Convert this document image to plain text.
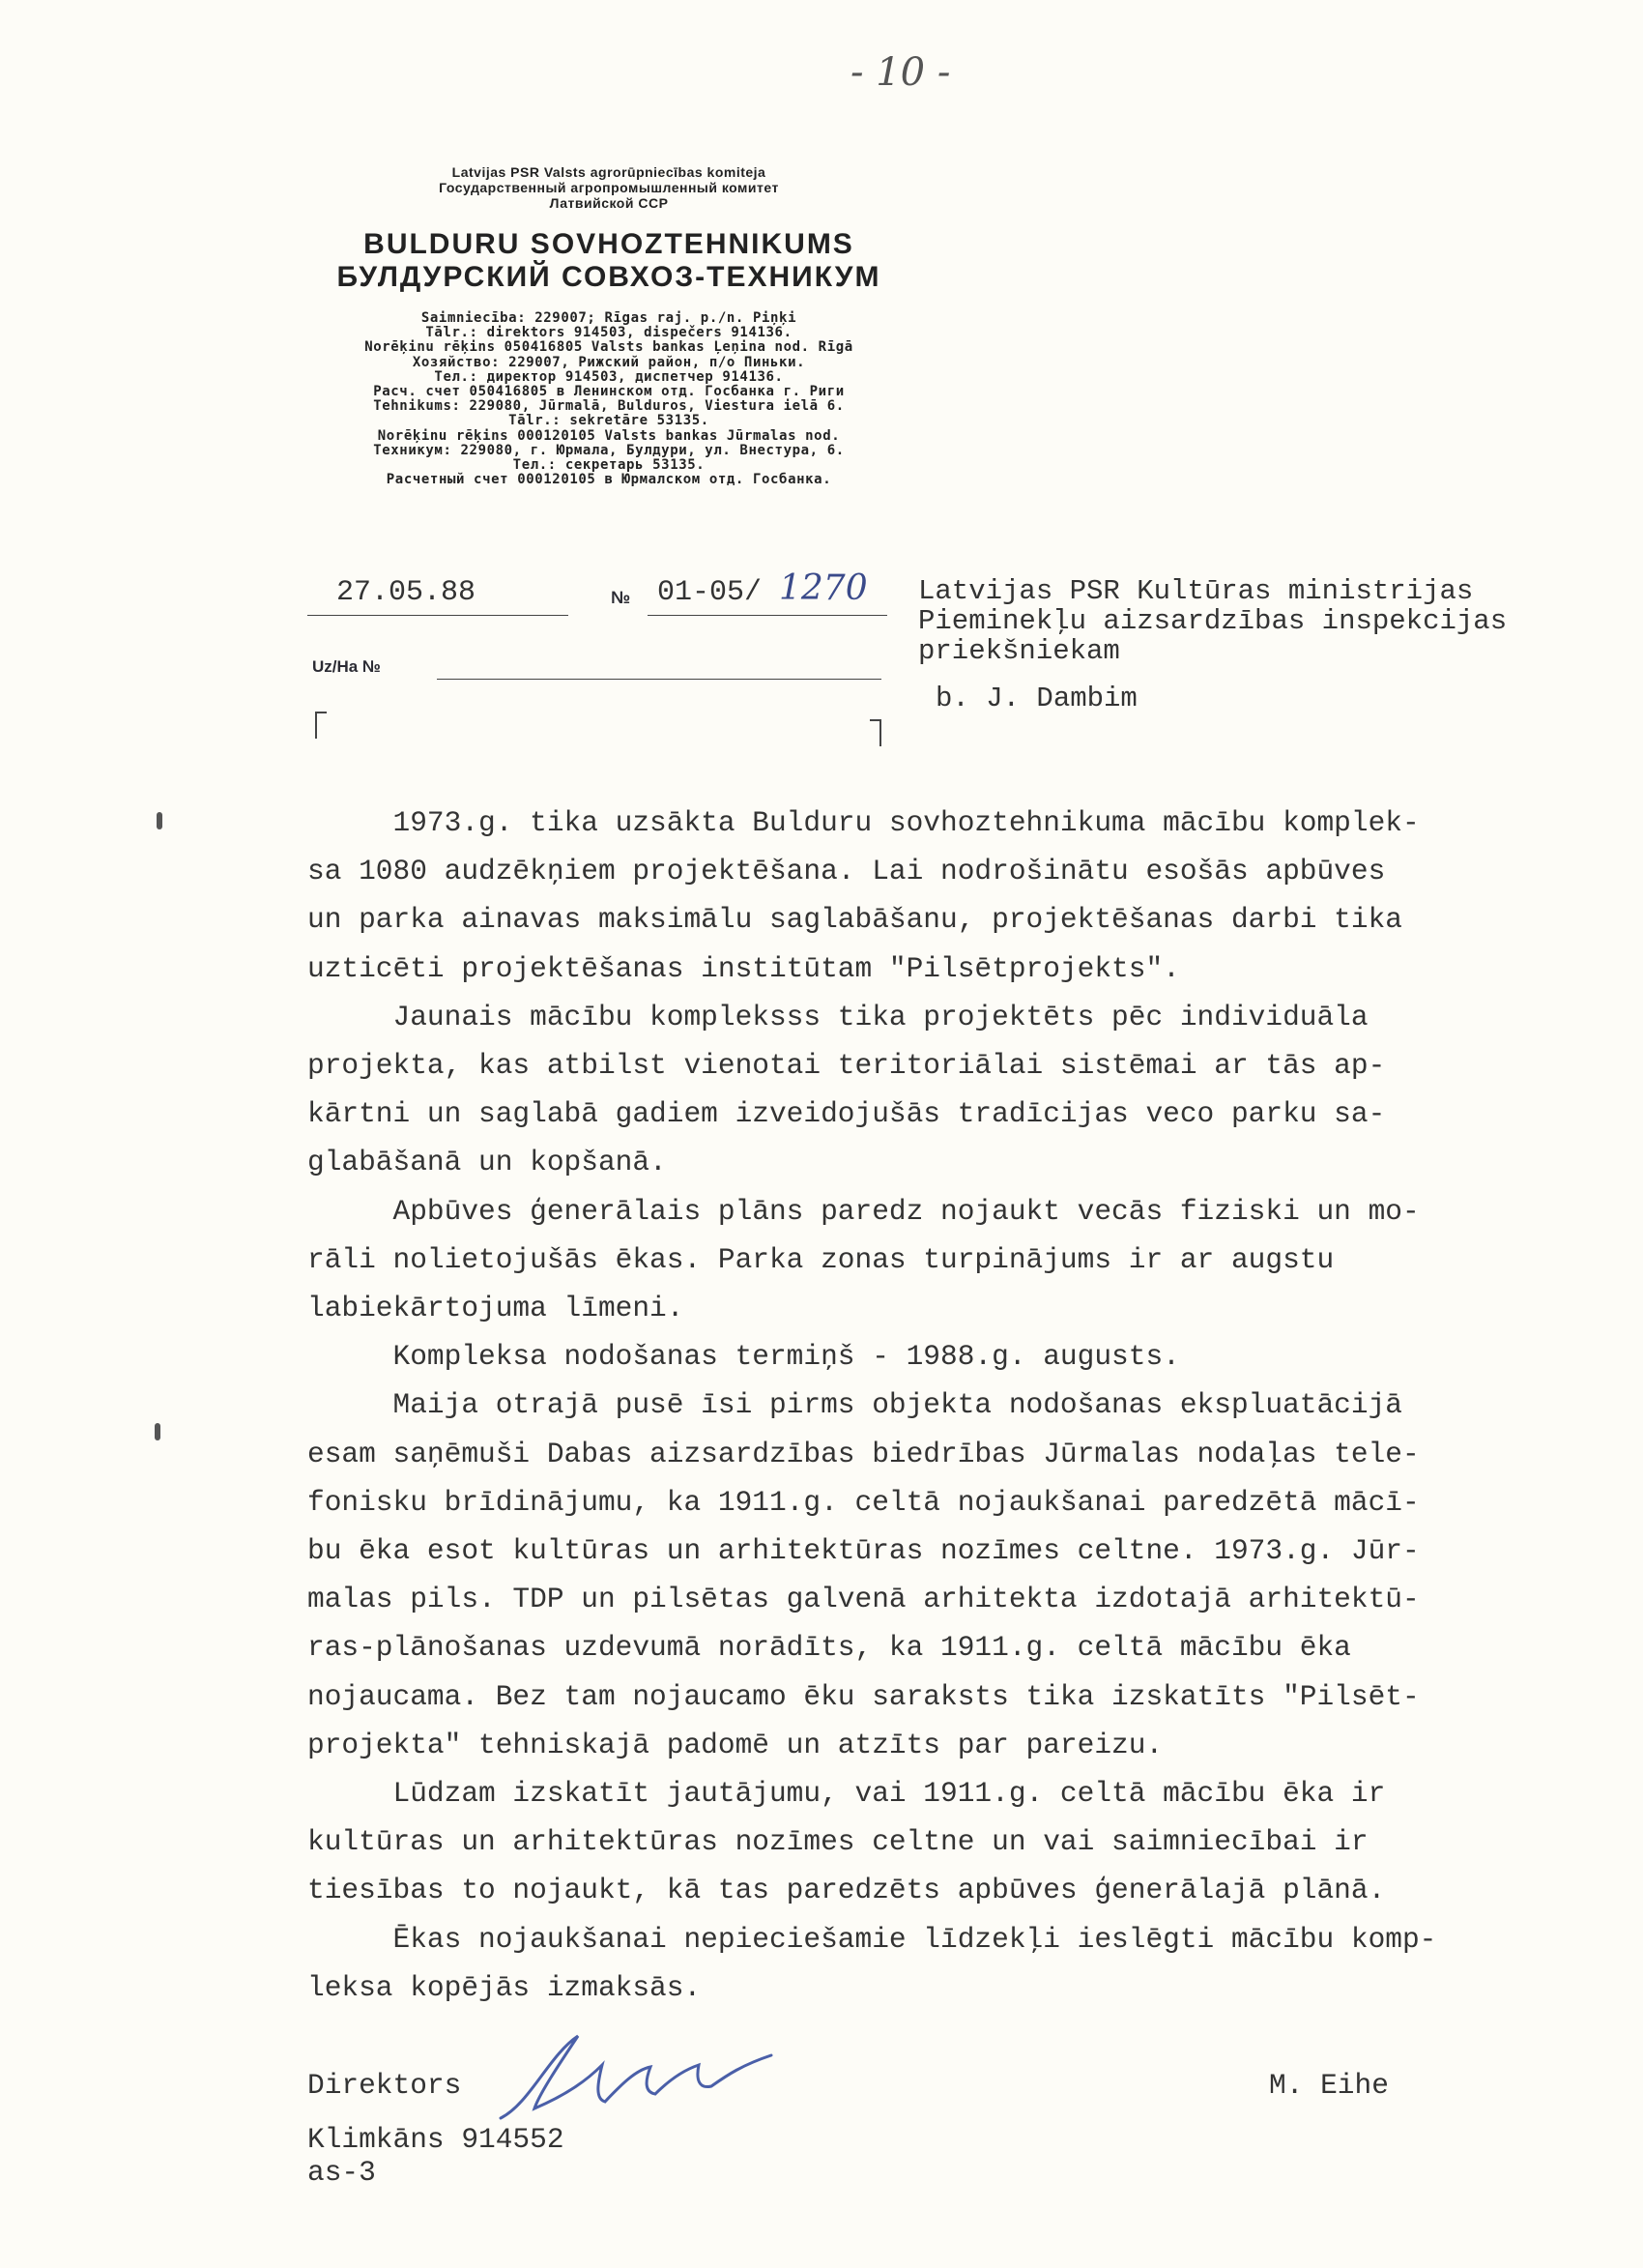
- 10 -
Latvijas PSR Valsts agrorūpniecības komiteja
Государственный агропромышленный комитет
Латвийской ССР
BULDURU SOVHOZTEHNIKUMS
БУЛДУРСКИЙ СОВХОЗ-ТЕХНИКУМ
Saimniecība: 229007; Rīgas raj. p./n. Piņķi
Tālr.: direktors 914503, dispečers 914136.
Norēķinu rēķins 050416805 Valsts bankas Ļeņina nod. Rīgā
Хозяйство: 229007, Рижский район, п/о Пиньки.
Тел.: директор 914503, диспетчер 914136.
Расч. счет 050416805 в Ленинском отд. Госбанка г. Риги
Tehnikums: 229080, Jūrmalā, Bulduros, Viestura ielā 6.
Tālr.: sekretāre 53135.
Norēķinu rēķins 000120105 Valsts bankas Jūrmalas nod.
Техникум: 229080, г. Юрмала, Булдури, ул. Внестура, 6.
Тел.: секретарь 53135.
Расчетный счет 000120105 в Юрмалском отд. Госбанка.
27.05.88	№ 01-05/ 1270
Uz/Ha №
Latvijas PSR Kultūras ministrijas
Pieminekļu aizsardzības inspekcijas
priekšniekam
b. J. Dambim
1973.g. tika uzsākta Bulduru sovhoztehnikuma mācību komplek-
sa 1080 audzēkņiem projektēšana. Lai nodrošinātu esošās apbūves
un parka ainavas maksimālu saglabāšanu, projektēšanas darbi tika
uzticēti projektēšanas institūtam "Pilsētprojekts".
Jaunais mācību kompleksss tika projektēts pēc individuāla
projekta, kas atbilst vienotai teritoriālai sistēmai ar tās ap-
kārtni un saglabā gadiem izveidojušās tradīcijas veco parku sa-
glabāšanā un kopšanā.
Apbūves ģenerālais plāns paredz nojaukt vecās fiziski un mo-
rāli nolietojušās ēkas. Parka zonas turpinājums ir ar augstu
labiekārtojuma līmeni.
Kompleksa nodošanas termiņš - 1988.g. augusts.
Maija otrajā pusē īsi pirms objekta nodošanas ekspluatācijā
esam saņēmuši Dabas aizsardzības biedrības Jūrmalas nodaļas tele-
fonisku brīdinājumu, ka 1911.g. celtā nojaukšanai paredzētā mācī-
bu ēka esot kultūras un arhitektūras nozīmes celtne. 1973.g. Jūr-
malas pils. TDP un pilsētas galvenā arhitekta izdotajā arhitektū-
ras-plānošanas uzdevumā norādīts, ka 1911.g. celtā mācību ēka
nojaucama. Bez tam nojaucamo ēku saraksts tika izskatīts "Pilsēt-
projekta" tehniskajā padomē un atzīts par pareizu.
Lūdzam izskatīt jautājumu, vai 1911.g. celtā mācību ēka ir
kultūras un arhitektūras nozīmes celtne un vai saimniecībai ir
tiesības to nojaukt, kā tas paredzēts apbūves ģenerālajā plānā.
Ēkas nojaukšanai nepieciešamie līdzekļi ieslēgti mācību komp-
leksa kopējās izmaksās.
Direktors	M. Eihe
Klimkāns 914552
as-3
